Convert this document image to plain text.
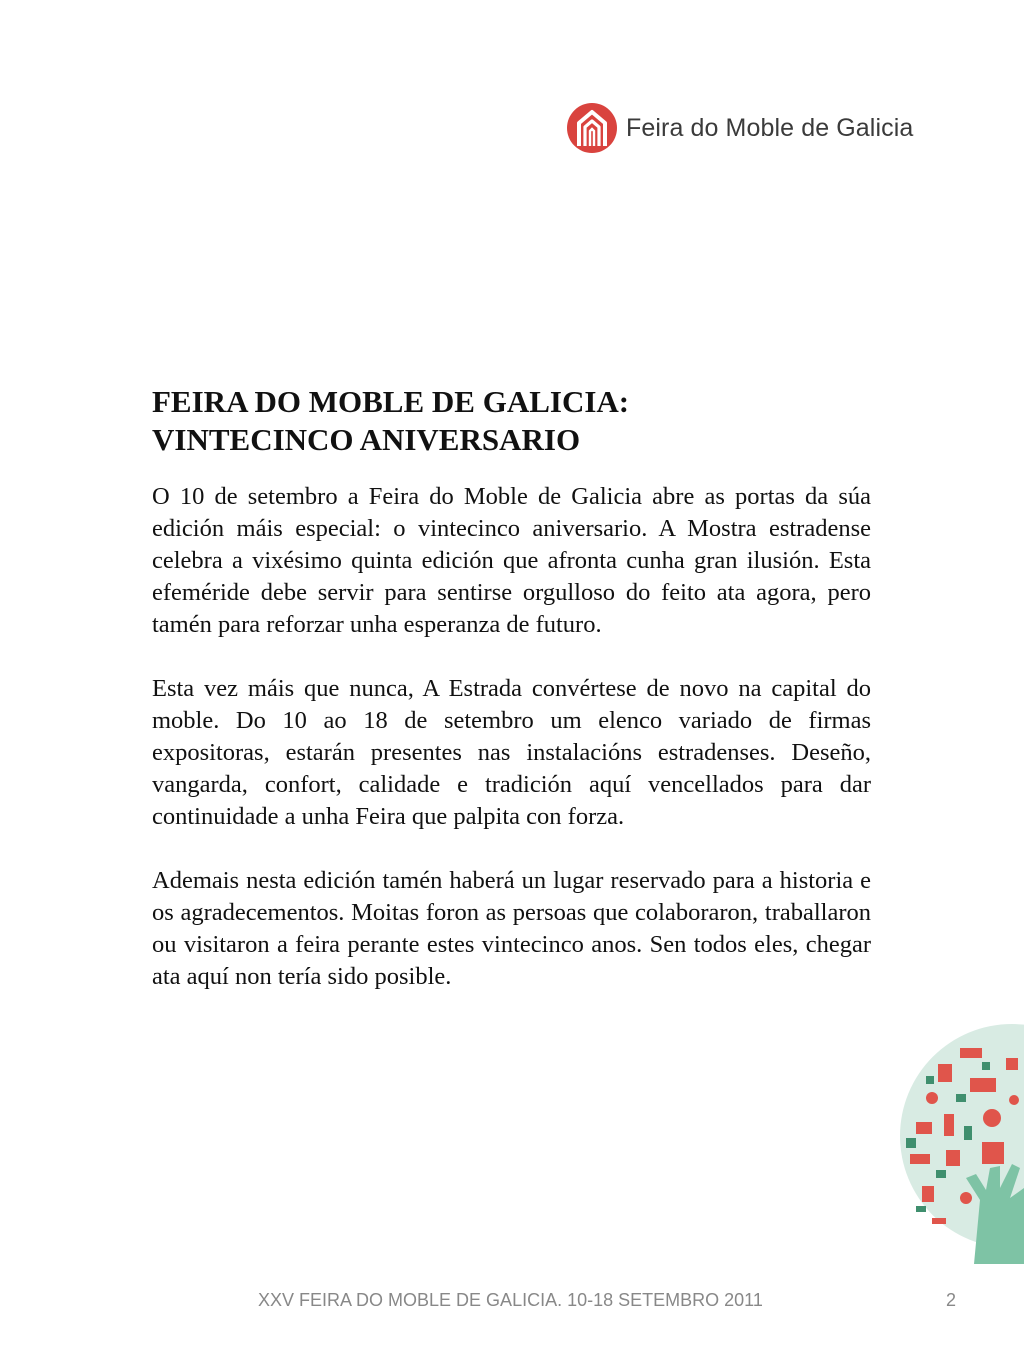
Feira do Moble de Galicia
FEIRA DO MOBLE DE GALICIA:
VINTECINCO ANIVERSARIO

O 10 de setembro a Feira do Moble de Galicia abre as portas da súa edición máis especial: o vintecinco aniversario. A Mostra estradense celebra a vixésimo quinta edición que afronta cunha gran ilusión. Esta efeméride debe servir para sentirse orgulloso do feito ata agora, pero tamén para reforzar unha esperanza de futuro.

Esta vez máis que nunca, A Estrada convértese de novo na capital do moble. Do 10 ao 18 de setembro um elenco variado de firmas expositoras, estarán presentes nas instalacións estradenses. Deseño, vangarda, confort, calidade e tradición aquí vencellados para dar continuidade a unha Feira que palpita con forza.

Ademais nesta edición tamén haberá un lugar reservado para a historia e os agradecementos. Moitas foron as persoas que colaboraron, traballaron ou visitaron a feira perante estes vintecinco anos. Sen todos eles, chegar ata aquí non tería sido posible.

XXV FEIRA DO MOBLE DE GALICIA. 10-18 SETEMBRO 2011	2
